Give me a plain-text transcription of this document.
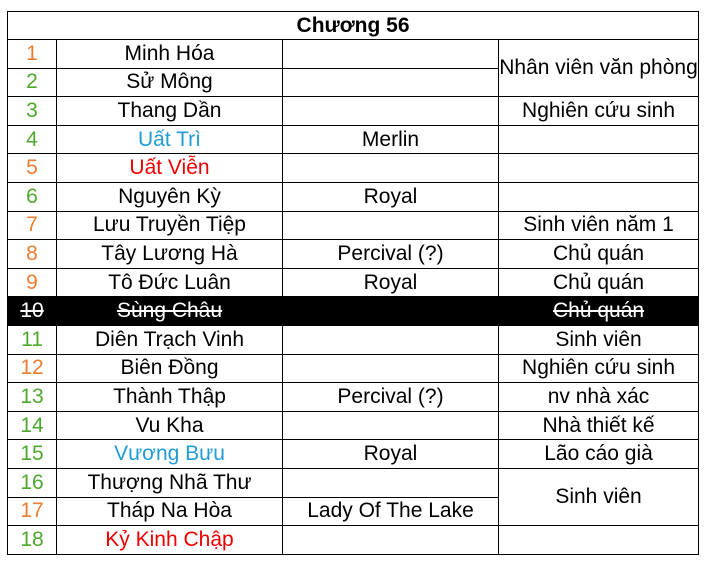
Chương 56			
1	Minh Hóa		Nhân viên văn phòng
2	Sử Mông		
3	Thang Dần		Nghiên cứu sinh
4	Uất Trì	Merlin	
5	Uất Viễn		
6	Nguyên Kỳ	Royal	
7	Lưu Truyền Tiệp		Sinh viên năm 1
8	Tây Lương Hà	Percival (?)	Chủ quán
9	Tô Đức Luân	Royal	Chủ quán
10	Sùng Châu		Chủ quán
11	Diên Trạch Vinh		Sinh viên
12	Biên Đồng		Nghiên cứu sinh
13	Thành Thập	Percival (?)	nv nhà xác
14	Vu Kha		Nhà thiết kế
15	Vương Bưu	Royal	Lão cáo già
16	Thượng Nhã Thư		Sinh viên
17	Tháp Na Hòa	Lady Of The Lake	
18	Kỷ Kinh Chập		
